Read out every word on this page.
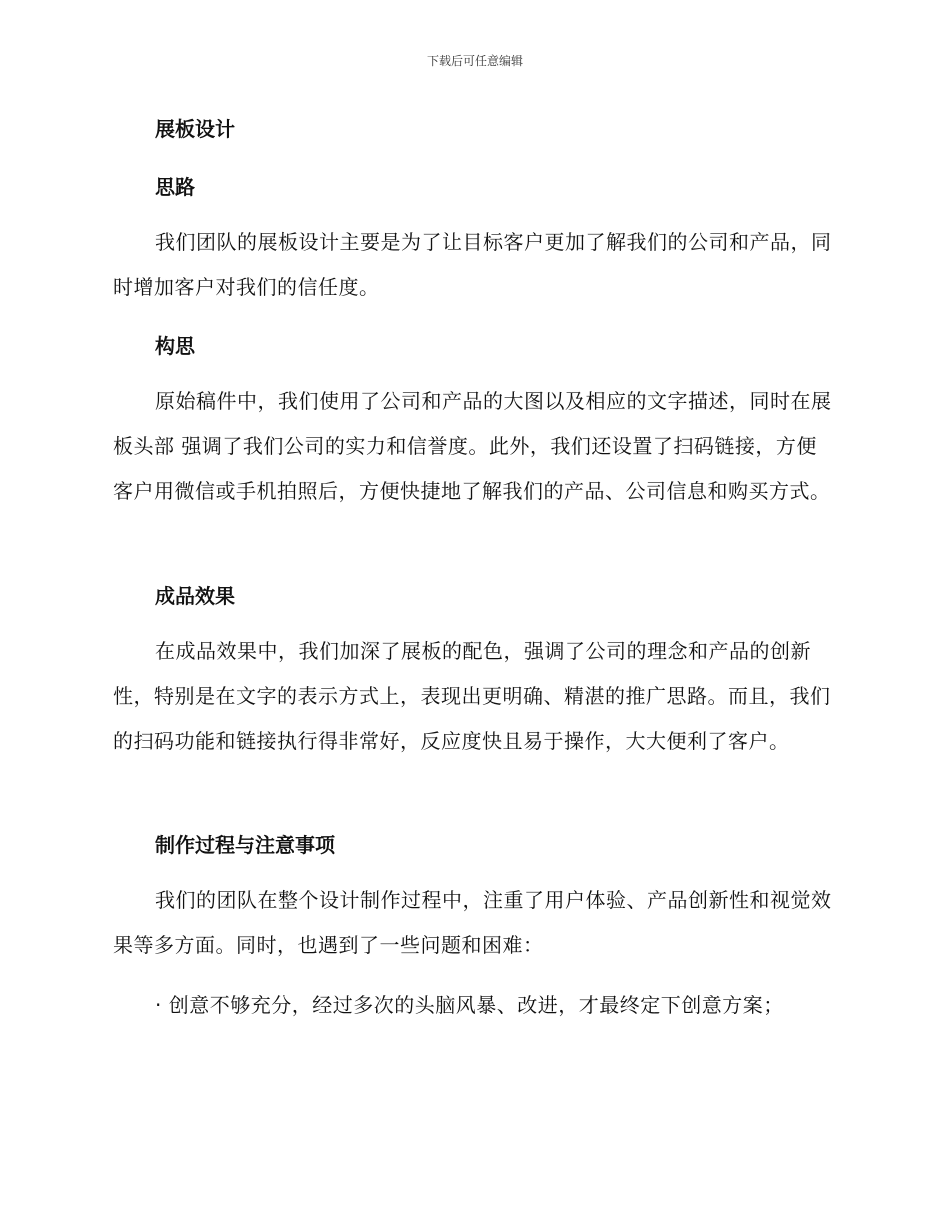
下载后可任意编辑
展板设计
思路

我们团队的展板设计主要是为了让目标客户更加了解我们的公司和产品，同时增加客户对我们的信任度。

构思

原始稿件中，我们使用了公司和产品的大图以及相应的文字描述，同时在展板头部 强调了我们公司的实力和信誉度。此外，我们还设置了扫码链接，方便客户用微信或手机拍照后，方便快捷地了解我们的产品、公司信息和购买方式。

成品效果

在成品效果中，我们加深了展板的配色，强调了公司的理念和产品的创新性，特别是在文字的表示方式上，表现出更明确、精湛的推广思路。而且，我们的扫码功能和链接执行得非常好，反应度快且易于操作，大大便利了客户。

制作过程与注意事项

我们的团队在整个设计制作过程中，注重了用户体验、产品创新性和视觉效果等多方面。同时，也遇到了一些问题和困难：

· 创意不够充分，经过多次的头脑风暴、改进，才最终定下创意方案；
